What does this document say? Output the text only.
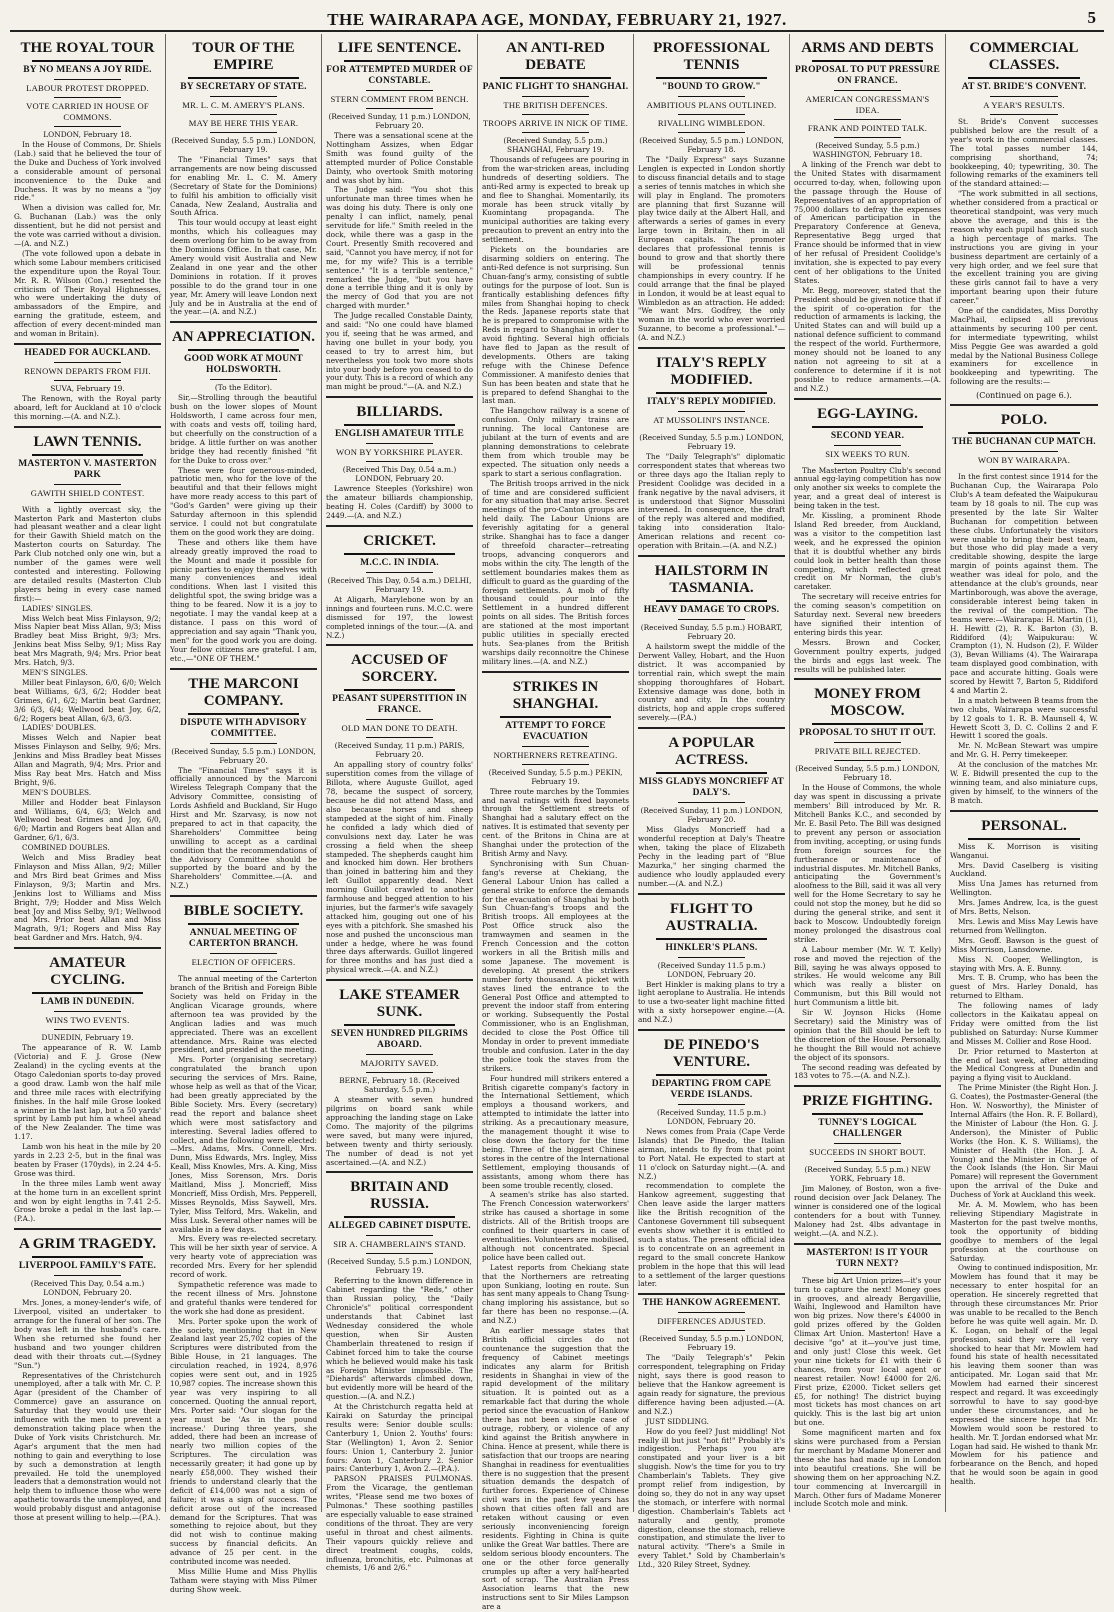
THE WAIRARAPA AGE, MONDAY, FEBRUARY 21, 1927.	5
THE ROYAL TOUR
BY NO MEANS A JOY RIDE.
LABOUR PROTEST DROPPED.
VOTE CARRIED IN HOUSE OF COMMONS.
LONDON, February 18.

In the House of Commons, Dr. Shiels (Lab.) said that he believed the tour of the Duke and Duchess of York involved a considerable amount of personal inconvenience to the Duke and Duchess. It was by no means a "joy ride."

When a division was called for, Mr. G. Buchanan (Lab.) was the only dissentient, but he did not persist and the vote was carried without a division.—(A. and N.Z.)

(The vote followed upon a debate in which some Labour members criticised the expenditure upon the Royal Tour. Mr. R. R. Wilson (Con.) resented the criticism of Their Royal Highnesses, who were undertaking the duty of ambassadors of the Empire, and earning the gratitude, esteem, and affection of every decent-minded man and woman in Britain).

HEADED FOR AUCKLAND.
RENOWN DEPARTS FROM FIJI.
SUVA, February 19.

The Renown, with the Royal party aboard, left for Auckland at 10 o'clock this morning.—(A. and N.Z.).

LAWN TENNIS.
MASTERTON V. MASTERTON PARK
GAWITH SHIELD CONTEST.

With a lightly overcast sky, the Masterton Park and Masterton clubs had pleasant weather and a clear light for their Gawith Shield match on the Masterton courts on Saturday. The Park Club notched only one win, but a number of the games were well contested and interesting. Following are detailed results (Masterton Club players being in every case named first):—

LADIES' SINGLES.

Miss Welch beat Miss Finlayson, 9/2; Miss Napier beat Miss Allan, 9/3; Miss Bradley beat Miss Bright, 9/3; Mrs. Jenkins beat Miss Selby, 9/1; Miss Ray beat Mrs Magrath, 9/4; Mrs. Prior beat Mrs. Hatch, 9/3.

MEN'S SINGLES.

Miller beat Finlayson, 6/0, 6/0; Welch beat Williams, 6/3, 6/2; Hodder beat Grimes, 6/1, 6/2; Martin beat Gardner, 3/6 6/3, 6/4; Wellwood beat Joy, 6/2, 6/2; Rogers beat Allan, 6/3, 6/3.

LADIES' DOUBLES.

Misses Welch and Napier beat Misses Finlayson and Selby, 9/6; Mrs. Jenkins and Miss Bradley beat Misses Allan and Magrath, 9/4; Mrs. Prior and Miss Ray beat Mrs. Hatch and Miss Bright, 9/6.

MEN'S DOUBLES.

Miller and Hodder beat Finlayson and Williams, 6/4, 6/3; Welch and Wellwood beat Grimes and Joy, 6/0, 6/0; Martin and Rogers beat Allan and Gardner, 6/1, 6/3.

COMBINED DOUBLES.

Welch and Miss Bradley beat Finlayson and Miss Allan, 9/2; Miller and Mrs Bird beat Grimes and Miss Finlayson, 9/3; Martin and Mrs. Jenkins lost to Williams and Miss Bright, 7/9; Hodder and Miss Welch beat Joy and Miss Selby, 9/1; Wellwood and Mrs. Prior beat Allan and Miss Magrath, 9/1; Rogers and Miss Ray beat Gardner and Mrs. Hatch, 9/4.

AMATEUR CYCLING.
LAMB IN DUNEDIN.
WINS TWO EVENTS.
DUNEDIN, February 19.

The appearance of R. W. Lamb (Victoria) and F. J. Grose (New Zealand) in the cycling events at the Otago Caledonian sports to-day proved a good draw. Lamb won the half mile and three mile races with electrifying finishes. In the half mile Grose looked a winner in the last lap, but a 50 yards' sprint by Lamb put him a wheel ahead of the New Zealander. The time was 1.17.

Lamb won his heat in the mile by 20 yards in 2.23 2-5, but in the final was beaten by Fraser (170yds), in 2.24 4-5. Grose was third.

In the three miles Lamb went away at the home turn in an excellent sprint and won by eight lengths in 7.41 2-5. Grose broke a pedal in the last lap.—(P.A.).

A GRIM TRAGEDY.
LIVERPOOL FAMILY'S FATE.
(Received This Day, 0.54 a.m.) LONDON, February 20.

Mrs. Jones, a money-lender's wife, of Liverpool, visited an undertaker to arrange for the funeral of her son. The body was left in the husband's care. When she returned she found her husband and two younger children dead with their throats cut.—(Sydney "Sun.")

Representatives of the Christchurch unemployed, after a talk with Mr. C. P. Agar (president of the Chamber of Commerce) gave an assurance on Saturday that they would use their influence with the men to prevent a demonstration taking place when the Duke of York visits Christchurch. Mr. Agar's argument that the men had nothing to gain and everything to lose by such a demonstration at length prevailed. He told the unemployed leaders that a demonstration would not help them to influence those who were apathetic towards the unemployed, and would probably disgust and antagonise those at present willing to help.—(P.A.).

TOUR OF THE EMPIRE
BY SECRETARY OF STATE.
MR. L. C. M. AMERY'S PLANS.
MAY BE HERE THIS YEAR.
(Received Sunday, 5.5 p.m.) LONDON, February 19.

The "Financial Times" says that arrangements are now being discussed for enabling Mr. L. C. M. Amery (Secretary of State for the Dominions) to fulfil his ambition to officially visit Canada, New Zealand, Australia and South Africa.

This tour would occupy at least eight months, which his colleagues may deem overlong for him to be away from the Dominions Office. In that case, Mr. Amery would visit Australia and New Zealand in one year and the other Dominions in rotation. If it proves possible to do the grand tour in one year, Mr. Amery will leave London next July and be in Australia at the end of the year.—(A. and N.Z.)

AN APPRECIATION.
GOOD WORK AT MOUNT HOLDSWORTH.
(To the Editor).

Sir,—Strolling through the beautiful bush on the lower slopes of Mount Holdsworth, I came across four men, with coats and vests off, toiling hard, but cheerfully on the construction of a bridge. A little further on was another bridge they had recently finished "fit for the Duke to cross over."

These were four generous-minded, patriotic men, who for the love of the beautiful and that their fellows might have more ready access to this part of "God's Garden" were giving up their Saturday afternoon in this splendid service. I could not but congratulate them on the good work they are doing.

These and others like them have already greatly improved the road to the Mount and made it possible for picnic parties to enjoy themselves with many conveniences and ideal conditions. When last I visited this delightful spot, the swing bridge was a thing to be feared. Now it is a joy to negotiate. I may the vandal keep at a distance. I pass on this word of appreciation and say again "Thank you, men" for the good work you are doing. Your fellow citizens are grateful. I am, etc.,—"ONE OF THEM."

THE MARCONI COMPANY.
DISPUTE WITH ADVISORY COMMITTEE.
(Received Sunday, 5.5 p.m.) LONDON, February 20.

The "Financial Times" says it is officially announced by the Marconi Wireless Telegraph Company that the Advisory Committee, consisting of Lords Ashfield and Buckland, Sir Hugo Hirst and Mr. Szarvasy, is now not prepared to act in that capacity, the Shareholders' Committee being unwilling to accept as a cardinal condition that the recommendations of the Advisory Committee should be supported by the board and by the Shareholders' Committee.—(A. and N.Z.)

BIBLE SOCIETY.
ANNUAL MEETING OF CARTERTON BRANCH.
ELECTION OF OFFICERS.

The annual meeting of the Carterton branch of the British and Foreign Bible Society was held on Friday in the Anglican Vicarage grounds, where afternoon tea was provided by the Anglican ladies and was much appreciated. There was an excellent attendance. Mrs. Raine was elected president, and presided at the meeting.

Mrs. Porter (organising secretary) congratulated the branch upon securing the services of Mrs. Raine, whose help as well as that of the Vicar, had been greatly appreciated by the Bible Society. Mrs. Every (secretary) read the report and balance sheet which were most satisfactory and interesting. Several ladies offered to collect, and the following were elected:—Mrs. Adams, Mrs. Connell, Mrs. Dunn, Miss Edwards, Mrs. Ingley, Miss Keall, Miss Knowles, Mrs. A. King, Miss Jones, Miss Sorenson, Mrs. Doris Maitland, Miss J. Moncrieff, Miss Moncrieff, Miss Ordish, Mrs. Pepperell, Misses Reynolds, Miss Saywell, Mrs. Tyler, Miss Telford, Mrs. Wakelin, and Miss Lusk. Several other names will be available in a few days.

Mrs. Every was re-elected secretary. This will be her sixth year of service. A very hearty vote of appreciation was recorded Mrs. Every for her splendid record of work.

Sympathetic reference was made to the recent illness of Mrs. Johnstone and grateful thanks were tendered for the work she had done as president.

Mrs. Porter spoke upon the work of the society, mentioning that in New Zealand last year 25,702 copies of the Scriptures were distributed from the Bible House, in 21 languages. The circulation reached, in 1924, 8,976 copies were sent out, and in 1925 10,987 copies. The increase shown this year was very inspiring to all concerned. Quoting the annual report, Mrs. Porter said: "Our slogan for the year must be 'As in the pound increase.' During three years, she added, there had been an increase of nearly two million copies of the Scriptures. The circulation was necessarily greater; it had gone up by nearly £58,000. They wished their friends to understand clearly that the deficit of £14,000 was not a sign of failure; it was a sign of success. The deficit arose out of the increased demand for the Scriptures. That was something to rejoice about, but they did not wish to continue making success by financial deficits. An advance of 25 per cent. in the contributed income was needed.

Miss Millie Hume and Miss Phyllis Tatham were staying with Miss Pilmer during Show week.

LIFE SENTENCE.
FOR ATTEMPTED MURDER OF CONSTABLE.
STERN COMMENT FROM BENCH.
(Received Sunday, 11 p.m.) LONDON, February 20.

There was a sensational scene at the Nottingham Assizes, when Edgar Smith was found guilty of the attempted murder of Police Constable Dainty, who overtook Smith motoring and was shot by him.

The Judge said: "You shot this unfortunate man three times when he was doing his duty. There is only one penalty I can inflict, namely, penal servitude for life." Smith reeled in the dock, while there was a gasp in the Court. Presently Smith recovered and said, "Cannot you have mercy, if not for me, for my wife? This is a terrible sentence." "It is a terrible sentence," remarked the Judge, "but you have done a terrible thing and it is only by the mercy of God that you are not charged with murder."

The Judge recalled Constable Dainty, and said: "No one could have blamed you if, seeing that he was armed, and having one bullet in your body, you ceased to try to arrest him, but nevertheless you took two more shots into your body before you ceased to do your duty. This is a record of which any man might be proud."—(A. and N.Z.)

BILLIARDS.
ENGLISH AMATEUR TITLE
WON BY YORKSHIRE PLAYER.
(Received This Day, 0.54 a.m.) LONDON, February 20.

Lawrence Steeples (Yorkshire) won the amateur billiards championship, beating H. Coles (Cardiff) by 3000 to 2449.—(A. and N.Z.)

CRICKET.
M.C.C. IN INDIA.
(Received This Day, 0.54 a.m.) DELHI, February 19.

At Aligarh, Marylebone won by an innings and fourteen runs. M.C.C. were dismissed for 197, the lowest completed innings of the tour.—(A. and N.Z.)

ACCUSED OF SORCERY.
PEASANT SUPERSTITION IN FRANCE.
OLD MAN DONE TO DEATH.
(Received Sunday, 11 p.m.) PARIS, February 20.

An appalling story of country folks' superstition comes from the village of Billota, where Auguste Guillot, aged 78, became the suspect of sorcery, because he did not attend Mass, and also because horses and sheep stampeded at the sight of him. Finally he confided a lady which died of convulsions next day. Later he was crossing a field when the sheep stampeded. The shepherds caught him and knocked him down. Her brothers than joined in battering him and they left Guillot apparently dead. Next morning Guillot crawled to another farmhouse and begged attention to his injuries, but the farmer's wife savagely attacked him, gouging out one of his eyes with a pitchfork. She smashed his nose and pushed the unconscious man under a hedge, where he was found three days afterwards. Guillot lingered for three months and has just died a physical wreck.—(A. and N.Z.)

LAKE STEAMER SUNK.
SEVEN HUNDRED PILGRIMS ABOARD.
MAJORITY SAVED.
BERNE, February 18. (Received Saturday, 5.5 p.m.)

A steamer with seven hundred pilgrims on board sank while approaching the landing stage on Lake Como. The majority of the pilgrims were saved, but many were injured, between twenty and thirty seriously. The number of dead is not yet ascertained.—(A. and N.Z.)

BRITAIN AND RUSSIA.
ALLEGED CABINET DISPUTE.
SIR A. CHAMBERLAIN'S STAND.
(Received Sunday, 5.5 p.m.) LONDON, February 19.

Referring to the known difference in Cabinet regarding the "Reds," other than Russian policy, the "Daily Chronicle's" political correspondent understands that Cabinet last Wednesday considered the whole question, when Sir Austen Chamberlain threatened to resign if Cabinet forced him to take the course which he believed would make his task as Foreign Minister impossible. The "Diehards" afterwards climbed down, but evidently more will be heard of the question.—(A. and N.Z.)

At the Christchurch regatta held at Kairaki on Saturday the principal results were: Senior double sculls: Canterbury 1, Union 2. Youths' fours: Star (Wellington) 1, Avon 2. Senior fours: Union 1, Canterbury 2. Junior fours: Avon 1, Canterbury 2. Senior pairs: Canterbury 1, Avon 2.—(P.A.).

PARSON PRAISES PULMONAS. From the Vicarage, the gentleman writes, "Please send me two boxes of Pulmonas." These soothing pastilles are especially valuable to ease strained conditions of the throat. They are very useful in throat and chest ailments. Their vapours quickly relieve and direct treatment coughs, colds, influenza, bronchitis, etc. Pulmonas at chemists, 1/6 and 2/6."

AN ANTI-RED DEBATE
PANIC FLIGHT TO SHANGHAI.
THE BRITISH DEFENCES.
TROOPS ARRIVE IN NICK OF TIME.
(Received Sunday, 5.5 p.m.) SHANGHAI, February 19.

Thousands of refugees are pouring in from the war-stricken areas, including hundreds of deserting soldiers. The anti-Red army is expected to break up and flee to Shanghai. Momentarily, its morale has been struck vitally by Kuomintang propaganda. The municipal authorities are taking every precaution to prevent an entry into the settlement.

Pickets on the boundaries are disarming soldiers on entering. The anti-Red defence is not surprising. Sun Chuan-fang's army, consisting of subtle outings for the purpose of loot. Sun is frantically establishing defences fifty miles from Shanghai hoping to check the Reds. Japanese reports state that he is prepared to compromise with the Reds in regard to Shanghai in order to avoid fighting. Several high officials have fled to Japan as the result of developments. Others are taking refuge with the Chinese Defence Commissioner. A manifesto denies that Sun has been beaten and state that he is prepared to defend Shanghai to the last man.

The Hangchow railway is a scene of confusion. Only military trains are running. The local Cantonese are jubilant at the turn of events and are planning demonstrations to celebrate them from which trouble may be expected. The situation only needs a spark to start a serious conflagration.

The British troops arrived in the nick of time and are considered sufficient for any situation that may arise. Secret meetings of the pro-Canton groups are held daily. The Labour Unions are feverishly agitating for a general strike. Shanghai has to face a danger of threefold character—retreating troops, advancing conquerors and mobs within the city. The length of the settlement boundaries makes them as difficult to guard as the guarding of the foreign settlements. A mob of fifty thousand could pour into the Settlement in a hundred different points on all sides. The British forces are stationed at the most important public utilities in specially erected huts. Sea-planes from the British warships daily reconnoitre the Chinese military lines.—(A. and N.Z.)

STRIKES IN SHANGHAI.
ATTEMPT TO FORCE EVACUATION
NORTHERNERS RETREATING.
(Received Sunday, 5.5 p.m.) PEKIN, February 19.

Three route marches by the Tommies and naval ratings with fixed bayonets through the Settlement streets of Shanghai had a salutary effect on the natives. It is estimated that seventy per cent. of the Britons in China are at Shanghai under the protection of the British Army and Navy.

Synchronising with Sun Chuan-fang's reverse at Chekiang, the General Labour Union has called a general strike to enforce the demands for the evacuation of Shanghai by both Sun Chuan-fang's troops and the British troops. All employees at the Post Office struck also the tramwaymen and seamen in the French Concession and the cotton workers in all the British mills and some Japanese. The movement is developing. At present the strikers number forty thousand. A picket with staves lined the entrance to the General Post Office and attempted to prevent the indoor staff from entering or working. Subsequently the Postal Commissioner, who is an Englishman, decided to close the Post Office till Monday in order to prevent immediate trouble and confusion. Later in the day the police took the staves from the strikers.

Four hundred mill strikers entered a British cigarette company's factory in the International Settlement, which employs a thousand workers, and attempted to intimidate the latter into striking. As a precautionary measure, the management thought it wise to close down the factory for the time being. Three of the biggest Chinese stores in the centre of the International Settlement, employing thousands of assistants, among whom there has been some trouble recently, closed.

A seamen's strike has also started. The French Concession waterworkers' strike has caused a shortage in some districts. All of the British troops are confined to their quarters in case of eventualities. Volunteers are mobilised, although not concentrated. Special police have been called out.

Latest reports from Chekiang state that the Northerners are retreating upon Sunkiang, looting en route. Sun has sent many appeals to Chang Tsung-chang imploring his assistance, but so far there has been no response.—(A. and N.Z.)

An earlier message states that British official circles do not countenance the suggestion that the frequency of Cabinet meetings indicates any alarm for British residents in Shanghai in view of the rapid development of the military situation. It is pointed out as a remarkable fact that during the whole period since the evacuation of Hankow there has not been a single case of outrage, robbery, or violence of any kind against the British anywhere in China. Hence at present, while there is satisfaction that our troops are nearing Shanghai in readiness for eventualities there is no suggestion that the present situation demands the despatch of further forces. Experience of Chinese civil wars in the past few years has shown that cities often fall and are retaken without causing or even seriously inconveniencing foreign residents. Fighting in China is quite unlike the Great War battles. There are seldom serious bloody encounters. The one or the other force generally crumples up after a very half-hearted sort of scrap. The Australian Press Association learns that the new instructions sent to Sir Miles Lampson are a

PROFESSIONAL TENNIS
"BOUND TO GROW."
AMBITIOUS PLANS OUTLINED.
RIVALLING WIMBLEDON.
(Received Sunday, 5.5 p.m.) LONDON, February 18.

The "Daily Express" says Suzanne Lenglen is expected in London shortly to discuss financial details and to stage a series of tennis matches in which she will play in England. The promoters are planning that first Suzanne will play twice daily at the Albert Hall, and afterwards a series of games in every large town in Britain, then in all European capitals. The promoter declares that professional tennis is bound to grow and that shortly there will be professional tennis championships in every country. If he could arrange that the final be played in London, it would be at least equal to Wimbledon as an attraction. He added: "We want Mrs. Godfrey, the only woman in the world who ever worried Suzanne, to become a professional."—(A. and N.Z.)

ITALY'S REPLY MODIFIED.
ITALY'S REPLY MODIFIED.
AT MUSSOLINI'S INSTANCE.
(Received Sunday, 5.5 p.m.) LONDON, February 19.

The "Daily Telegraph's" diplomatic correspondent states that whereas two or three days ago the Italian reply to President Coolidge was decided in a frank negative by the naval advisers, it is understood that Signor Mussolini intervened. In consequence, the draft of the reply was altered and modified, taking into consideration Italo-American relations and recent co-operation with Britain.—(A. and N.Z.)

HAILSTORM IN TASMANIA.
HEAVY DAMAGE TO CROPS.
(Received Sunday, 5.5 p.m.) HOBART, February 20.

A hailstorm swept the middle of the Derwent Valley, Hobart, and the Huon district. It was accompanied by torrential rain, which swept the main shopping thoroughfares of Hobart. Extensive damage was done, both in country and city. In the country districts, hop and apple crops suffered severely.—(P.A.)

A POPULAR ACTRESS.
MISS GLADYS MONCRIEFF AT DALY'S.
(Received Sunday, 11 p.m.) LONDON, February 20.

Miss Gladys Moncrieff had a wonderful reception at Daly's Theatre when, taking the place of Elizabeth Pechy in the leading part of "Blue Mazurka," her singing charmed the audience who loudly applauded every number.—(A. and N.Z.)

FLIGHT TO AUSTRALIA.
HINKLER'S PLANS.
(Received Sunday 11.5 p.m.) LONDON, February 20.

Bert Hinkler is making plans to try a light aeroplane to Australia. He intends to use a two-seater light machine fitted with a sixty horsepower engine.—(A. and N.Z.)

DE PINEDO'S VENTURE.
DEPARTING FROM CAPE VERDE ISLANDS.
(Received Sunday, 11.5 p.m.) LONDON, February 20.

News comes from Praia (Cape Verde Islands) that De Pinedo, the Italian airman, intends to fly from that point to Port Natal. He expected to start at 11 o'clock on Saturday night.—(A. and N.Z.)

recommendation to complete the Hankow agreement, suggesting that Chen leave aside the larger matters like the British recognition of the Cantonese Government till subsequent events show whether it is entitled to such a status. The present official idea is to concentrate on an agreement in regard to the small concrete Hankow problem in the hope that this will lead to a settlement of the larger questions later.

THE HANKOW AGREEMENT.
DIFFERENCES ADJUSTED.
(Received Sunday, 5.5 p.m.) LONDON, February 19.

The "Daily Telegraph's" Pekin correspondent, telegraphing on Friday night, says there is good reason to believe that the Hankow agreement is again ready for signature, the previous difference having been adjusted.—(A. and N.Z.)

JUST SIDDLING.

How do you feel? Just middling! Not really ill but just "not fit!" Probably it's indigestion. Perhaps you are constipated and your liver is a bit sluggish. Now's the time for you to try Chamberlain's Tablets. They give prompt relief from indigestion, by doing so, they do not in any way upset the stomach, or interfere with normal digestion. Chamberlain's Tablets act naturally and gently, promote digestion, cleanse the stomach, relieve constipation, and stimulate the liver to natural activity. "There's a Smile in every Tablet." Sold by Chamberlain's Ltd., 320 Riley Street, Sydney.

ARMS AND DEBTS
PROPOSAL TO PUT PRESSURE ON FRANCE.
AMERICAN CONGRESSMAN'S IDEA.
FRANK AND POINTED TALK.
(Received Sunday, 5.5 p.m.) WASHINGTON, February 18.

A linking of the French war debt to the United States with disarmament occurred to-day, when, following upon the passage through the House of Representatives of an appropriation of 75,000 dollars to defray the expenses of American participation in the Preparatory Conference at Geneva, Representative Begg urged that France should be informed that in view of her refusal of President Coolidge's invitation, she is expected to pay every cent of her obligations to the United States.

Mr. Begg, moreover, stated that the President should be given notice that if the spirit of co-operation for the reduction of armaments is lacking, the United States can and will build up a national defence sufficient to command the respect of the world. Furthermore, money should not be loaned to any nation not agreeing to sit at a conference to determine if it is not possible to reduce armaments.—(A. and N.Z.)

EGG-LAYING.
SECOND YEAR.
SIX WEEKS TO RUN.

The Masterton Poultry Club's second annual egg-laying competition has now only another six weeks to complete the year, and a great deal of interest is being taken in the test.

Mr. Kissling, a prominent Rhode Island Red breeder, from Auckland, was a visitor to the competition last week, and he expressed the opinion that it is doubtful whether any birds could look in better health than those competing, which reflected great credit on Mr Norman, the club's caretaker.

The secretary will receive entries for the coming season's competition on Saturday next. Several new breeders have signified their intention of entering birds this year.

Messrs. Brown and Cocker, Government poultry experts, judged the birds and eggs last week. The results will be published later.

MONEY FROM MOSCOW.
PROPOSAL TO SHUT IT OUT.
PRIVATE BILL REJECTED.
(Received Sunday, 5.5 p.m.) LONDON, February 18.

In the House of Commons, the whole day was spent in discussing a private members' Bill introduced by Mr. R. Mitchell Banks K.C., and seconded by Mr. E. Basil Peto. The Bill was designed to prevent any person or association from inviting, accepting, or using funds from foreign sources for the furtherance or maintenance of industrial disputes. Mr. Mitchell Banks, anticipating the Government's aloofness to the Bill, said it was all very well for the Home Secretary to say he could not stop the money, but he did so during the general strike, and sent it back to Moscow. Undoubtedly foreign money prolonged the disastrous coal strike.

A Labour member (Mr. W. T. Kelly) rose and moved the rejection of the Bill, saying he was always opposed to strikes. He would welcome any Bill which was really a blister on Communism, but this Bill would not hurt Communism a little bit.

Sir W. Joynson Hicks (Home Secretary) said the Ministry was of opinion that the Bill should be left to the discretion of the House. Personally, he thought the Bill would not achieve the object of its sponsors.

The second reading was defeated by 183 votes to 75.—(A. and N.Z.).

PRIZE FIGHTING.
TUNNEY'S LOGICAL CHALLENGER
SUCCEEDS IN SHORT BOUT.
(Received Sunday, 5.5 p.m.) NEW YORK, February 18.

Jim Maloney, of Boston, won a five-round decision over Jack Delaney. The winner is considered one of the logical contenders for a bout with Tunney. Maloney had 2st. 4lbs advantage in weight.—(A. and N.Z.).

MASTERTON! IS IT YOUR TURN NEXT?

These big Art Union prizes—it's your turn to capture the next! Money goes in grooves, and already Bergavillie, Waihi, Inglewood and Hamilton have won big prizes. Now there's £4000 in gold prizes offered by the Golden Climax Art Union. Masterton! Have a decisive "go" at it—you've just time, and only just! Close this week. Get your nine tickets for £1 with their 6 chances, from your local agent or nearest retailer. Now! £4000 for 2/6. First prize, £2000. Ticket sellers get £5, for nothing! The district buying most tickets has most chances on art quickly. This is the last big art union but one.

Some magnificent marten and fox skins were purchased from a Persian fur merchant by Madame Monerer and these she has had made up in London into beautiful creations. She will be showing them on her approaching N.Z. tour commencing at Invercargill in March. Other furs of Madame Monerer include Scotch mole and mink.

COMMERCIAL CLASSES.
AT ST. BRIDE'S CONVENT.
A YEAR'S RESULTS.

St. Bride's Convent successes published below are the result of a year's work in the commercial classes. The total passes number 144, comprising shorthand, 74; bookkeeping, 40; typewriting, 30. The following remarks of the examiners tell of the standard attained:—

"The work submitted in all sections, whether considered from a practical or theoretical standpoint, was very much above the average, and this is the reason why each pupil has gained such a high percentage of marks. The instructions you are giving in your business department are certainly of a very high order, and we feel sure that the excellent training you are giving these girls cannot fail to have a very important bearing upon their future career."

One of the candidates, Miss Dorothy MacPhail, eclipsed all previous attainments by securing 100 per cent. for intermediate typewriting, whilst Miss Peggie Gee was awarded a gold medal by the National Business College examiners for excellence in bookkeeping and typewriting. The following are the results:—

(Continued on page 6.).
POLO.
THE BUCHANAN CUP MATCH.
WON BY WAIRARAPA.

In the first contest since 1914 for the Buchanan Cup, the Wairarapa Polo Club's A team defeated the Waipukurau team by 18 goals to nil. The cup was presented by the late Sir Walter Buchanan for competition between these clubs. Unfortunately the visitors were unable to bring their best team, but those who did play made a very creditable showing, despite the large margin of points against them. The weather was ideal for polo, and the attendance at the club's grounds, near Martinborough, was above the average, considerable interest being taken in the revival of the competition. The teams were:—Wairarapa: H. Martin (1), H. Hewitt (2), R. K. Barton (3), B. Riddiford (4); Waipukurau: W. Crampton (1), N. Hudson (2), F. Wilder (3), Bevan Williams (4). The Wairarapa team displayed good combination, with pace and accurate hitting. Goals were scored by Hewitt 7, Barton 5, Riddiford 4 and Martin 2.

In a match between B teams from the two clubs, Wairarapa were successful by 12 goals to 1. R. B. Maunsell 4, W. Hewett Scott 3, D. C. Collins 2 and F. Hewitt 1 scored the goals.

Mr. N. McBean Stewart was umpire and Mr. G. H. Perry timekeeper.

At the conclusion of the matches Mr. W. E. Bidwill presented the cup to the winning team, and also miniature cups, given by himself, to the winners of the B match.

PERSONAL.

Miss K. Morrison is visiting Wanganui.

Mrs. David Caselberg is visiting Auckland.

Miss Una James has returned from Wellington.

Mrs. James Andrew, Ica, is the guest of Mrs. Betts, Nelson.

Mrs. Lewis and Miss May Lewis have returned from Wellington.

Mrs. Geoff. Bawson is the guest of Miss Morrison, Lansdowne.

Miss N. Cooper, Wellington, is staying with Mrs. A. E. Bunny.

Mrs. T. B. Crump, who has been the guest of Mrs. Harley Donald, has returned to Eltham.

The following names of lady collectors in the Kaikatau appeal on Friday were omitted from the list published on Saturday: Nurse Kummer and Misses M. Collier and Rose Hood.

Dr. Prior returned to Masterton at the end of last week, after attending the Medical Congress at Dunedin and paying a flying visit to Auckland.

The Prime Minister (the Right Hon. J. G. Coates), the Postmaster-General (the Hon. W. Nosworthy), the Minister of Internal Affairs (the Hon. R. F. Bollard), the Minister of Labour (the Hon. G. J. Anderson), the Minister of Public Works (the Hon. K. S. Williams), the Minister of Health (the Hon. J. A. Young) and the Minister in Charge of the Cook Islands (the Hon. Sir Maui Pomare) will represent the Government upon the arrival of the Duke and Duchess of York at Auckland this week.

Mr. A. M. Mowlem, who has been relieving Stipendiary Magistrate in Masterton for the past twelve months, took the opportunity of bidding goodbye to members of the legal profession at the courthouse on Saturday.

Owing to continued indisposition, Mr. Mowlem has found that it may be necessary to enter hospital for an operation. He sincerely regretted that through these circumstances Mr. Prior was unable to be recalled to the Bench before he was quite well again. Mr. D. K. Logan, on behalf of the legal profession, said they were all very shocked to hear that Mr. Mowlem had found his state of health necessitated his leaving them sooner than was anticipated. Mr. Logan said that Mr. Mowlem had earned their sincerest respect and regard. It was exceedingly sorrowful to have to say good-bye under these circumstances, and he expressed the sincere hope that Mr. Mowlem would soon be restored to health. Mr. T. Jordan endorsed what Mr. Logan had said. He wished to thank Mr. Mowlem for his patience and forbearance on the Bench, and hoped that he would soon be again in good health.
